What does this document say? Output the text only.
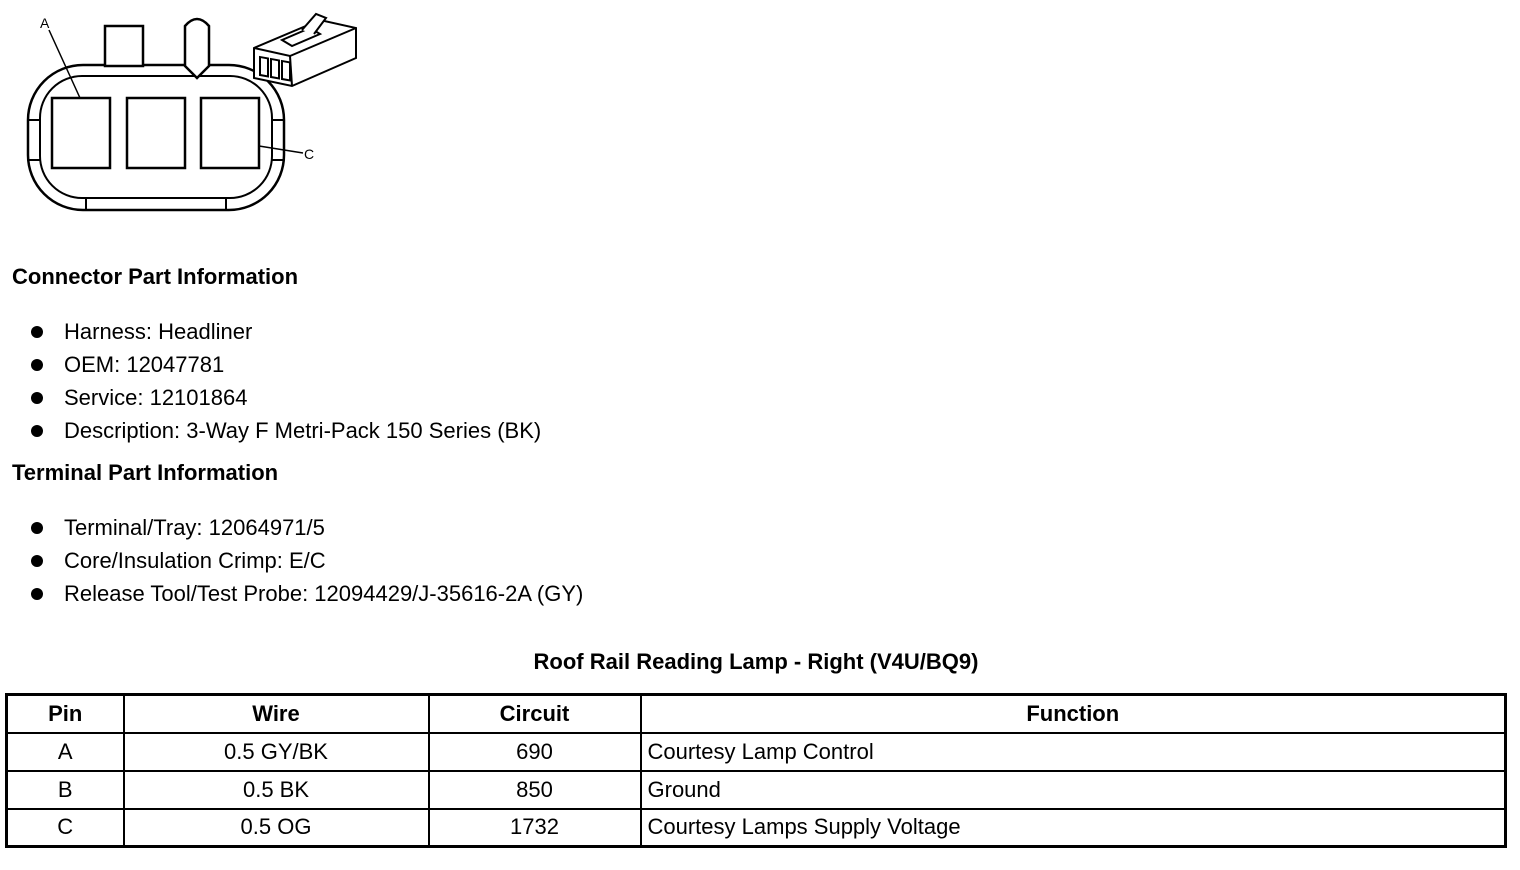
A
C
Connector Part Information
Harness: Headliner
OEM: 12047781
Service: 12101864
Description: 3-Way F Metri-Pack 150 Series (BK)
Terminal Part Information
Terminal/Tray: 12064971/5
Core/Insulation Crimp: E/C
Release Tool/Test Probe: 12094429/J-35616-2A (GY)
Roof Rail Reading Lamp - Right (V4U/BQ9)
Pin	Wire	Circuit	Function
A	0.5 GY/BK	690	Courtesy Lamp Control
B	0.5 BK	850	Ground
C	0.5 OG	1732	Courtesy Lamps Supply Voltage
